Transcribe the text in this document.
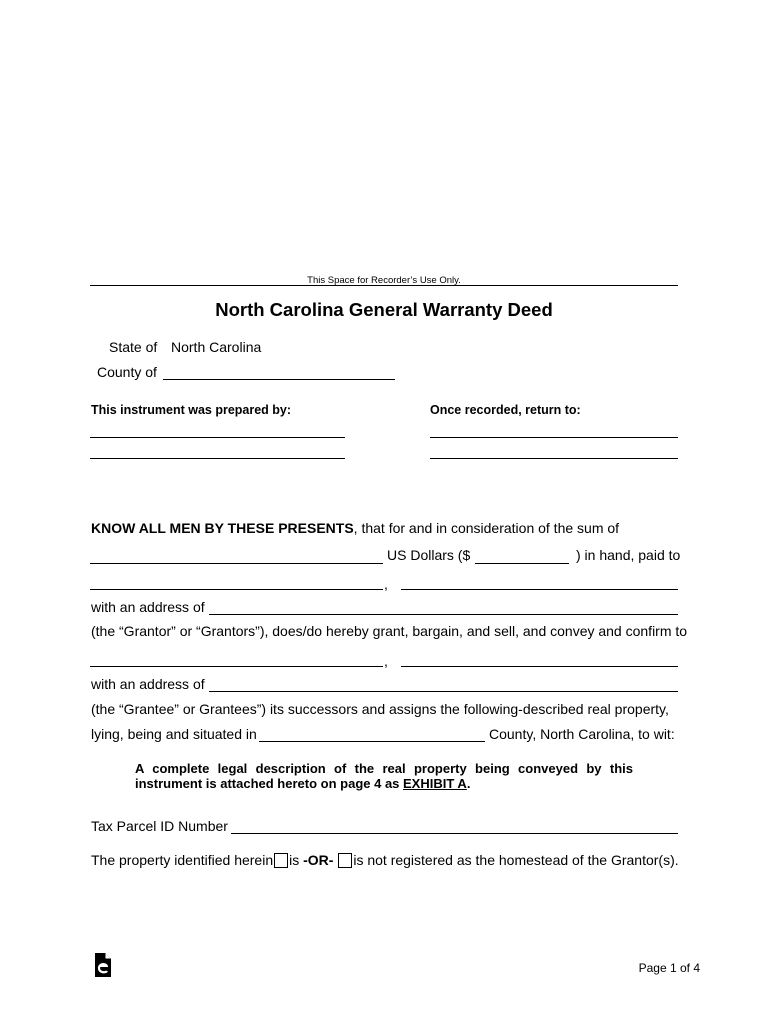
This Space for Recorder’s Use Only.
North Carolina General Warranty Deed
State of North Carolina
County of
This instrument was prepared by:	Once recorded, return to:
KNOW ALL MEN BY THESE PRESENTS, that for and in consideration of the sum of
US Dollars ($	) in hand, paid to
,
with an address of
(the “Grantor” or “Grantors”), does/do hereby grant, bargain, and sell, and convey and confirm to
,
with an address of
(the “Grantee” or Grantees”) its successors and assigns the following-described real property,
lying, being and situated in	County, North Carolina, to wit:
A complete legal description of the real property being conveyed by this instrument is attached hereto on page 4 as EXHIBIT A.
Tax Parcel ID Number
The property identified herein is -OR- is not registered as the homestead of the Grantor(s).
Page 1 of 4
